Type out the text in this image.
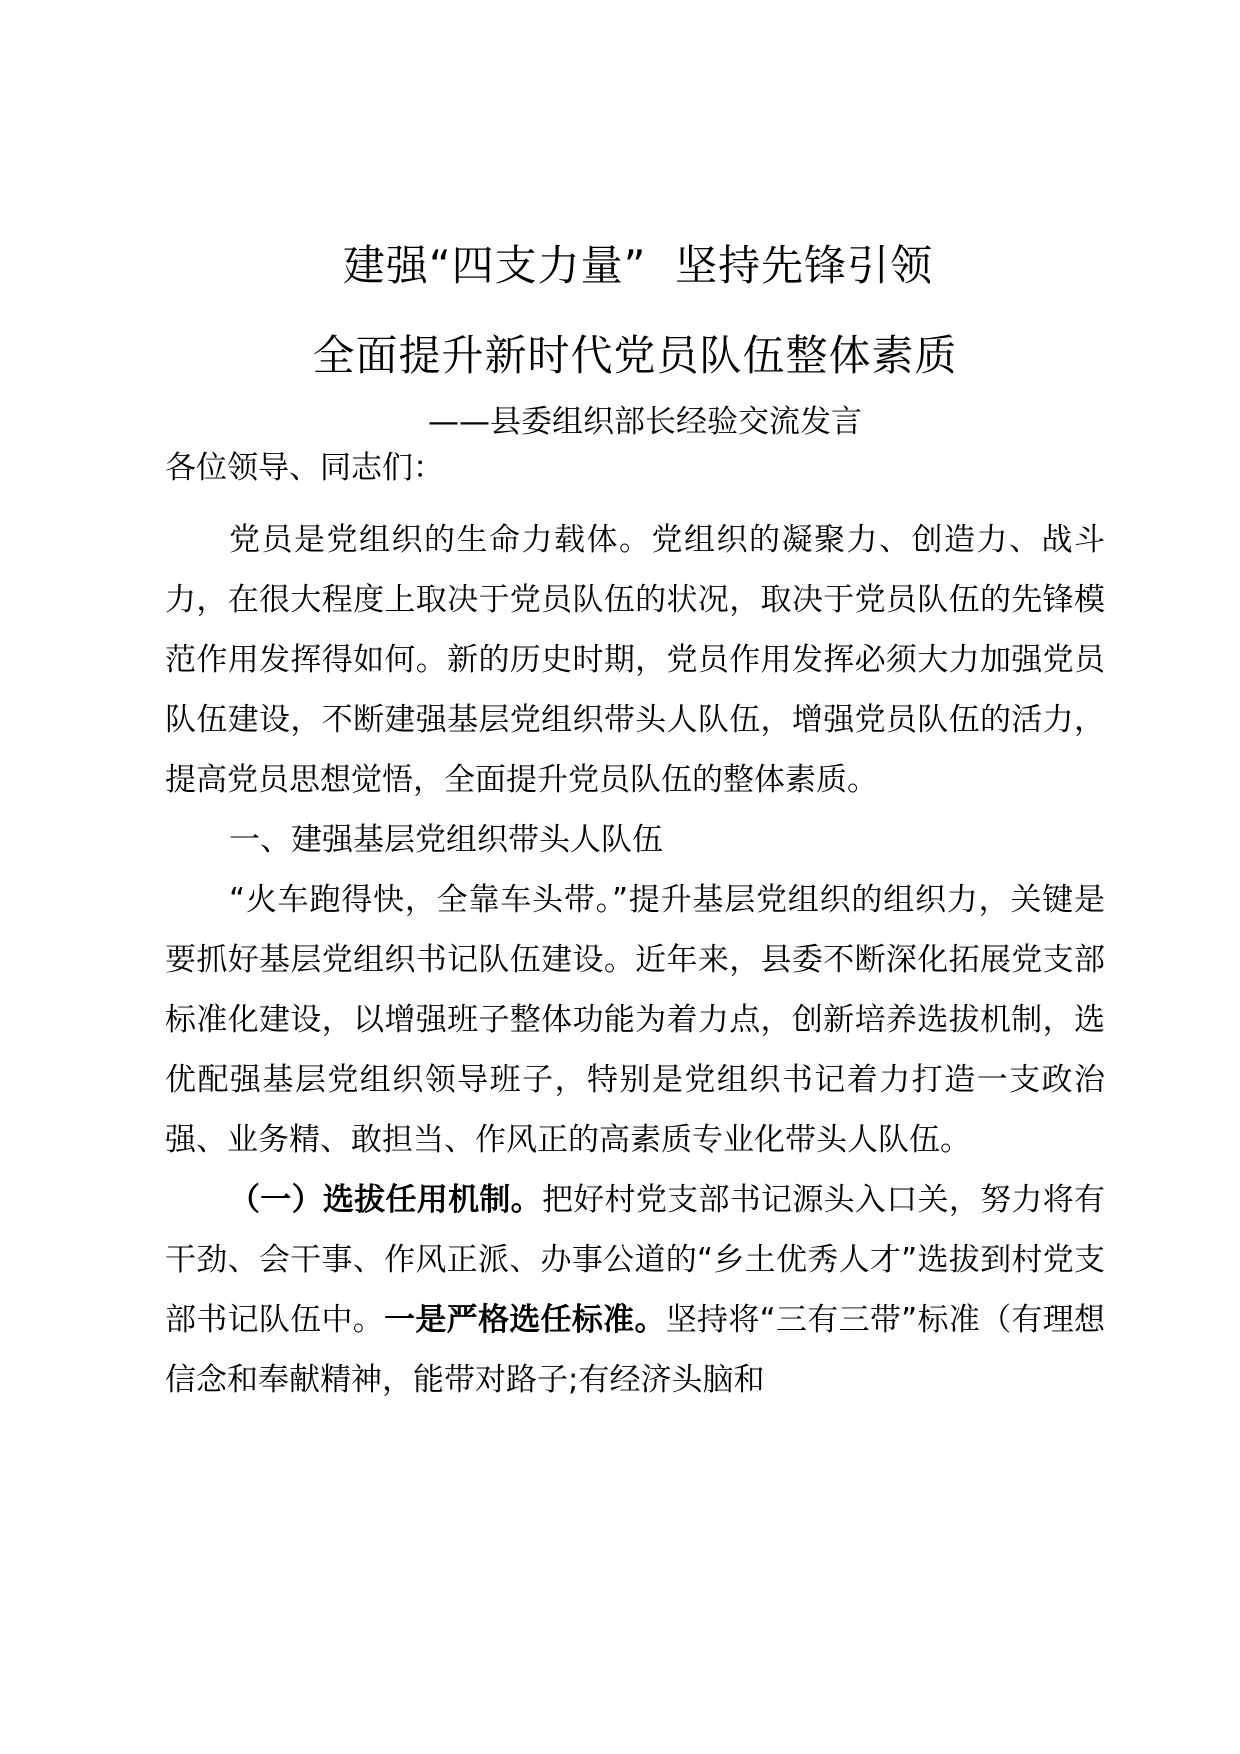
建强“四支力量”  坚持先锋引领
全面提升新时代党员队伍整体素质
——县委组织部长经验交流发言
各位领导、同志们：

党员是党组织的生命力载体。党组织的凝聚力、创造力、战斗力，在很大程度上取决于党员队伍的状况，取决于党员队伍的先锋模范作用发挥得如何。新的历史时期，党员作用发挥必须大力加强党员队伍建设，不断建强基层党组织带头人队伍，增强党员队伍的活力，提高党员思想觉悟，全面提升党员队伍的整体素质。

一、建强基层党组织带头人队伍

“火车跑得快，全靠车头带。”提升基层党组织的组织力，关键是要抓好基层党组织书记队伍建设。近年来，县委不断深化拓展党支部标准化建设，以增强班子整体功能为着力点，创新培养选拔机制，选优配强基层党组织领导班子，特别是党组织书记着力打造一支政治强、业务精、敢担当、作风正的高素质专业化带头人队伍。

（一）选拔任用机制。把好村党支部书记源头入口关，努力将有干劲、会干事、作风正派、办事公道的“乡土优秀人才”选拔到村党支部书记队伍中。一是严格选任标准。坚持将“三有三带”标准（有理想信念和奉献精神，能带对路子;有经济头脑和
